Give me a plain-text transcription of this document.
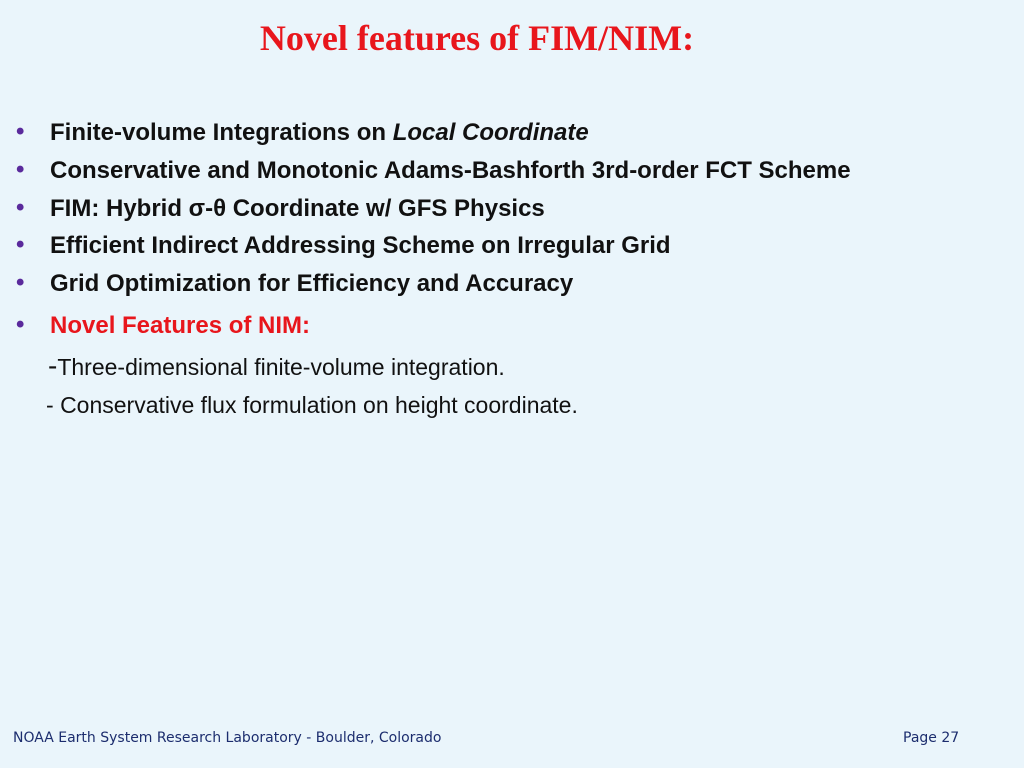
Novel features of FIM/NIM:
• Finite-volume Integrations on Local Coordinate
• Conservative and Monotonic Adams-Bashforth 3rd-order FCT Scheme
• FIM: Hybrid σ-θ Coordinate w/ GFS Physics
• Efficient Indirect Addressing Scheme on Irregular Grid
• Grid Optimization for Efficiency and Accuracy
• Novel Features of NIM:
-Three-dimensional finite-volume integration.
- Conservative flux formulation on height coordinate.
NOAA Earth System Research Laboratory - Boulder, Colorado	Page 27
